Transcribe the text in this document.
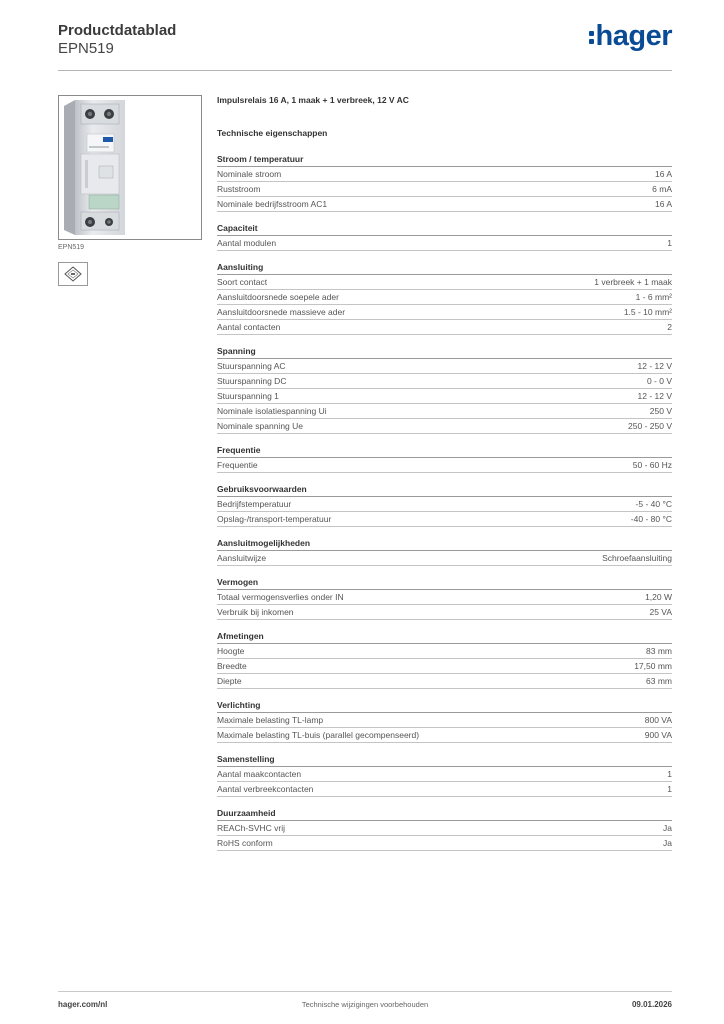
Productdatablad
EPN519	hager
EPN519
Impulsrelais 16 A, 1 maak + 1 verbreek, 12 V AC
Technische eigenschappen
Stroom / temperatuur
Nominale stroom	16 A
Ruststroom	6 mA
Nominale bedrijfsstroom AC1	16 A
Capaciteit
Aantal modulen	1
Aansluiting
Soort contact	1 verbreek + 1 maak
Aansluitdoorsnede soepele ader	1 - 6 mm²
Aansluitdoorsnede massieve ader	1.5 - 10 mm²
Aantal contacten	2
Spanning
Stuurspanning AC	12 - 12 V
Stuurspanning DC	0 - 0 V
Stuurspanning 1	12 - 12 V
Nominale isolatiespanning Ui	250 V
Nominale spanning Ue	250 - 250 V
Frequentie
Frequentie	50 - 60 Hz
Gebruiksvoorwaarden
Bedrijfstemperatuur	-5 - 40 °C
Opslag-/transport-temperatuur	-40 - 80 °C
Aansluitmogelijkheden
Aansluitwijze	Schroefaansluiting
Vermogen
Totaal vermogensverlies onder IN	1,20 W
Verbruik bij inkomen	25 VA
Afmetingen
Hoogte	83 mm
Breedte	17,50 mm
Diepte	63 mm
Verlichting
Maximale belasting TL-lamp	800 VA
Maximale belasting TL-buis (parallel gecompenseerd)	900 VA
Samenstelling
Aantal maakcontacten	1
Aantal verbreekcontacten	1
Duurzaamheid
REACh-SVHC vrij	Ja
RoHS conform	Ja
hager.com/nl	Technische wijzigingen voorbehouden	09.01.2026
